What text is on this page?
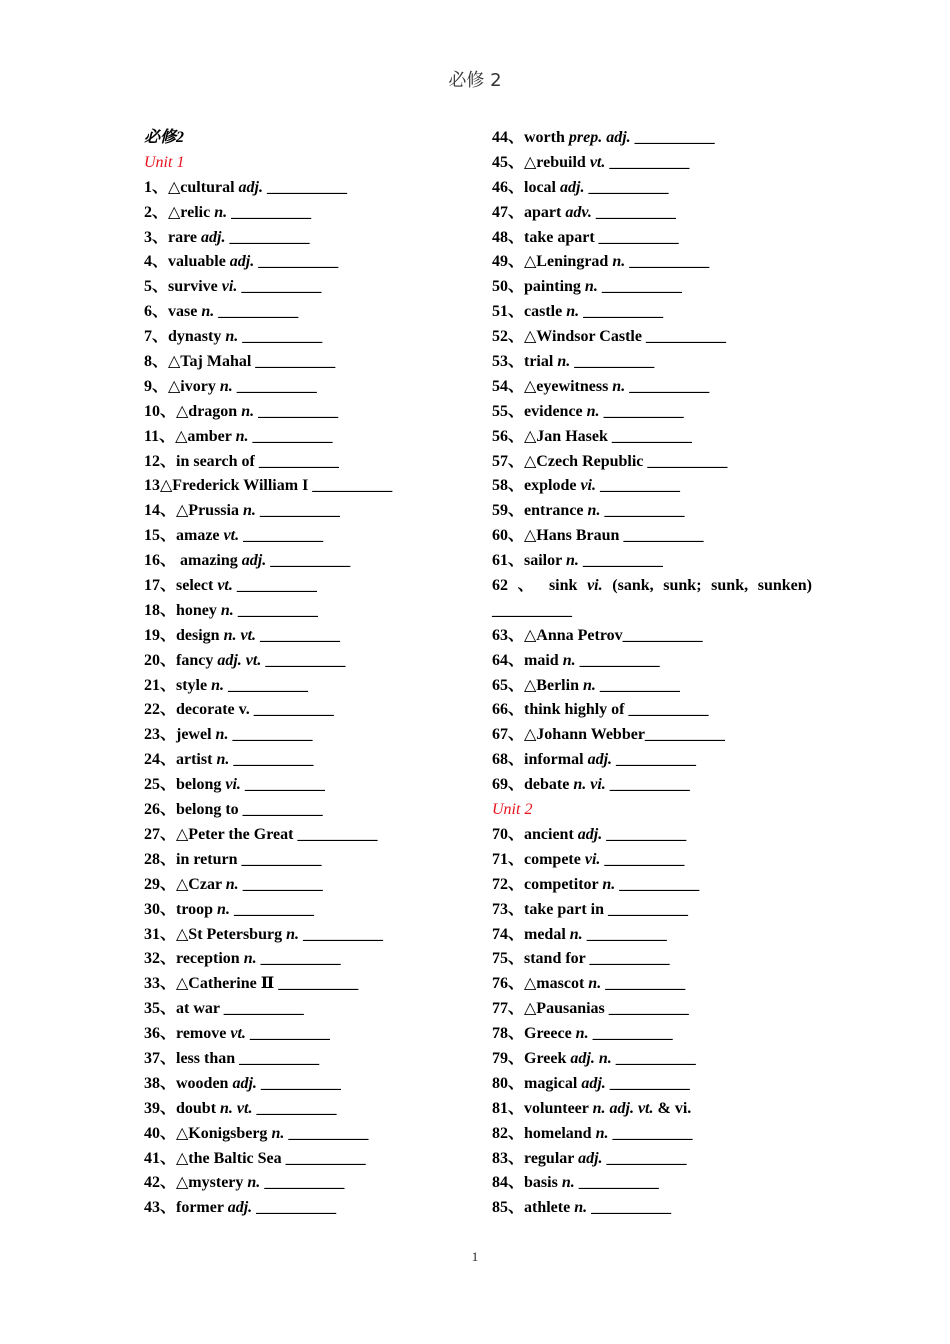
必修 2
必修2
Unit 1
1、△cultural adj. __________
2、△relic n. __________
3、rare adj. __________
4、valuable adj. __________
5、survive vi. __________
6、vase n. __________
7、dynasty n. __________
8、△Taj Mahal __________
9、△ivory n. __________
10、△dragon n. __________
11、△amber n. __________
12、in search of __________
13△Frederick William I __________
14、△Prussia n. __________
15、amaze vt. __________
16、 amazing adj. __________
17、select vt. __________
18、honey n. __________
19、design n. vt. __________
20、fancy adj. vt. __________
21、style n. __________
22、decorate v. __________
23、jewel n. __________
24、artist n. __________
25、belong vi. __________
26、belong to __________
27、△Peter the Great __________
28、in return __________
29、△Czar n. __________
30、troop n. __________
31、△St Petersburg n. __________
32、reception n. __________
33、△Catherine Ⅱ __________
35、at war __________
36、remove vt. __________
37、less than __________
38、wooden adj. __________
39、doubt n. vt. __________
40、△Konigsberg n. __________
41、△the Baltic Sea __________
42、△mystery n. __________
43、former adj. __________
44、worth prep. adj. __________
45、△rebuild vt. __________
46、local adj. __________
47、apart adv. __________
48、take apart __________
49、△Leningrad n. __________
50、painting n. __________
51、castle n. __________
52、△Windsor Castle __________
53、trial n. __________
54、△eyewitness n. __________
55、evidence n. __________
56、△Jan Hasek __________
57、△Czech Republic __________
58、explode vi. __________
59、entrance n. __________
60、△Hans Braun __________
61、sailor n. __________
62 、 sink vi. (sank, sunk; sunk, sunken)
__________
63、△Anna Petrov__________
64、maid n. __________
65、△Berlin n. __________
66、think highly of __________
67、△Johann Webber__________
68、informal adj. __________
69、debate n. vi. __________
Unit 2
70、ancient adj. __________
71、compete vi. __________
72、competitor n. __________
73、take part in __________
74、medal n. __________
75、stand for __________
76、△mascot n. __________
77、△Pausanias __________
78、Greece n. __________
79、Greek adj. n. __________
80、magical adj. __________
81、volunteer n. adj. vt. & vi.
82、homeland n. __________
83、regular adj. __________
84、basis n. __________
85、athlete n. __________
1
